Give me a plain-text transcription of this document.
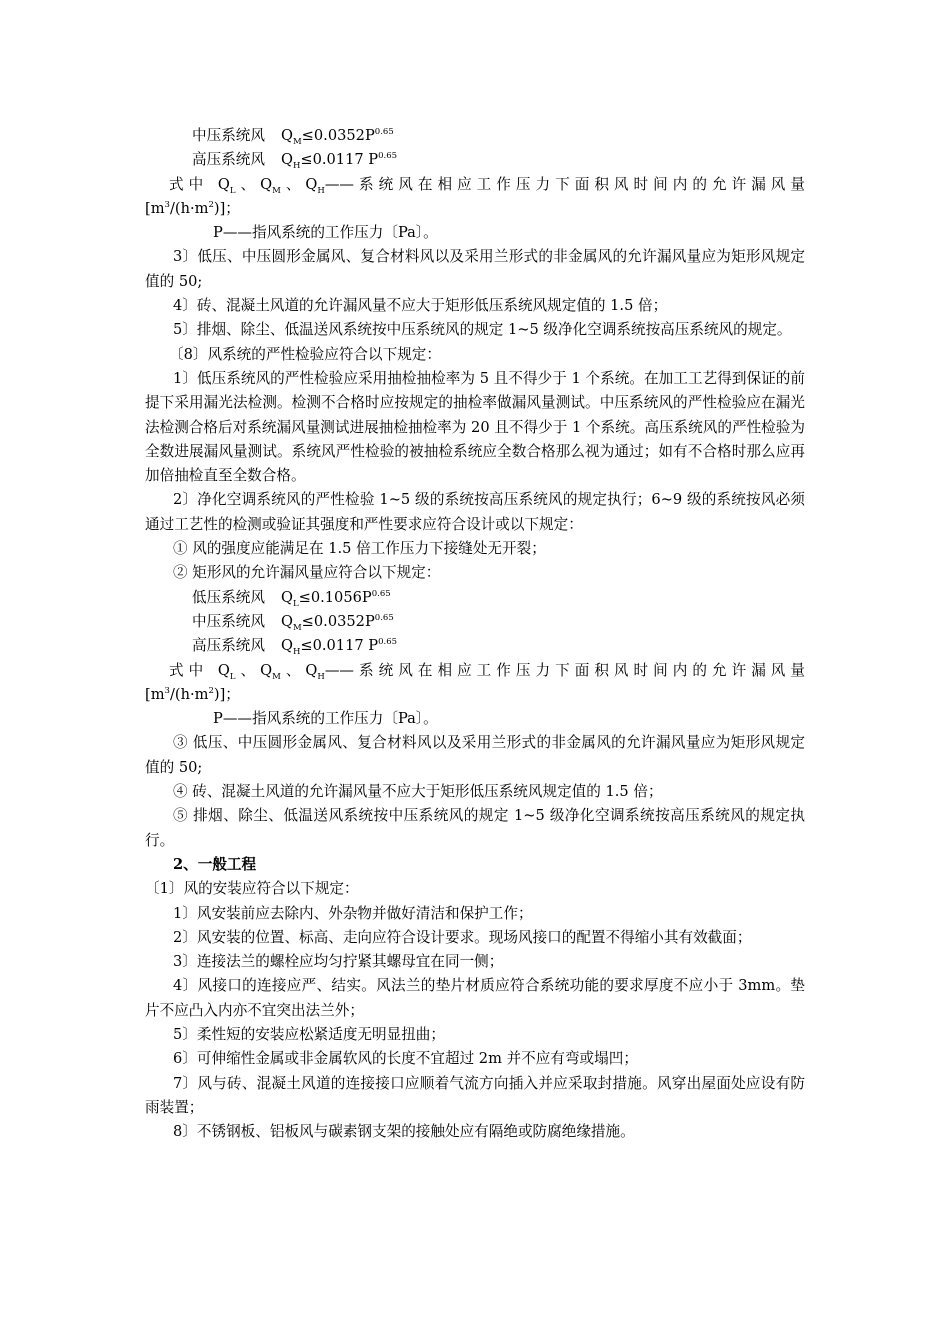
中压系统风 $Q_M\le 0.0352P^{0.65}$

高压系统风 $Q_H\le 0.0117$ $P^{0.65}$

式中 $Q_L$、$Q_M$、$Q_H——$系统风在相应工作压力下面积风时间内的允许漏风量

$[m^3/(h\cdot m^2)]$；

P——指风系统的工作压力〔Pa〕。

3〕低压、中压圆形金属风、复合材料风以及采用兰形式的非金属风的允许漏风量应为矩形风规定值的 50;

4〕砖、混凝土风道的允许漏风量不应大于矩形低压系统风规定值的 1.5 倍；

5〕排烟、除尘、低温送风系统按中压系统风的规定 1~5 级净化空调系统按高压系统风的规定。

〔8〕风系统的严性检验应符合以下规定：

1〕低压系统风的严性检验应采用抽检抽检率为 5 且不得少于 1 个系统。在加工工艺得到保证的前提下采用漏光法检测。检测不合格时应按规定的抽检率做漏风量测试。中压系统风的严性检验应在漏光法检测合格后对系统漏风量测试进展抽检抽检率为 20 且不得少于 1 个系统。高压系统风的严性检验为全数进展漏风量测试。系统风严性检验的被抽检系统应全数合格那么视为通过；如有不合格时那么应再加倍抽检直至全数合格。

2〕净化空调系统风的严性检验 1~5 级的系统按高压系统风的规定执行；6~9 级的系统按风必须通过工艺性的检测或验证其强度和严性要求应符合设计或以下规定：

① 风的强度应能满足在 1.5 倍工作压力下接缝处无开裂；

② 矩形风的允许漏风量应符合以下规定：

低压系统风 $Q_L\le 0.1056P^{0.65}$

中压系统风 $Q_M\le 0.0352P^{0.65}$

高压系统风 $Q_H\le 0.0117$ $P^{0.65}$

式中 $Q_L$、$Q_M$、$Q_H——$系统风在相应工作压力下面积风时间内的允许漏风量

$[m^3/(h\cdot m^2)]$；

P——指风系统的工作压力〔Pa〕。

③ 低压、中压圆形金属风、复合材料风以及采用兰形式的非金属风的允许漏风量应为矩形风规定值的 50;

④ 砖、混凝土风道的允许漏风量不应大于矩形低压系统风规定值的 1.5 倍；

⑤ 排烟、除尘、低温送风系统按中压系统风的规定 1~5 级净化空调系统按高压系统风的规定执行。

2、一般工程

〔1〕风的安装应符合以下规定：

1〕风安装前应去除内、外杂物并做好清洁和保护工作；

2〕风安装的位置、标高、走向应符合设计要求。现场风接口的配置不得缩小其有效截面；

3〕连接法兰的螺栓应均匀拧紧其螺母宜在同一侧；

4〕风接口的连接应严、结实。风法兰的垫片材质应符合系统功能的要求厚度不应小于 3mm。垫片不应凸入内亦不宜突出法兰外；

5〕柔性短的安装应松紧适度无明显扭曲；

6〕可伸缩性金属或非金属软风的长度不宜超过 2m 并不应有弯或塌凹；

7〕风与砖、混凝土风道的连接接口应顺着气流方向插入并应采取封措施。风穿出屋面处应设有防雨装置；

8〕不锈钢板、铝板风与碳素钢支架的接触处应有隔绝或防腐绝缘措施。
